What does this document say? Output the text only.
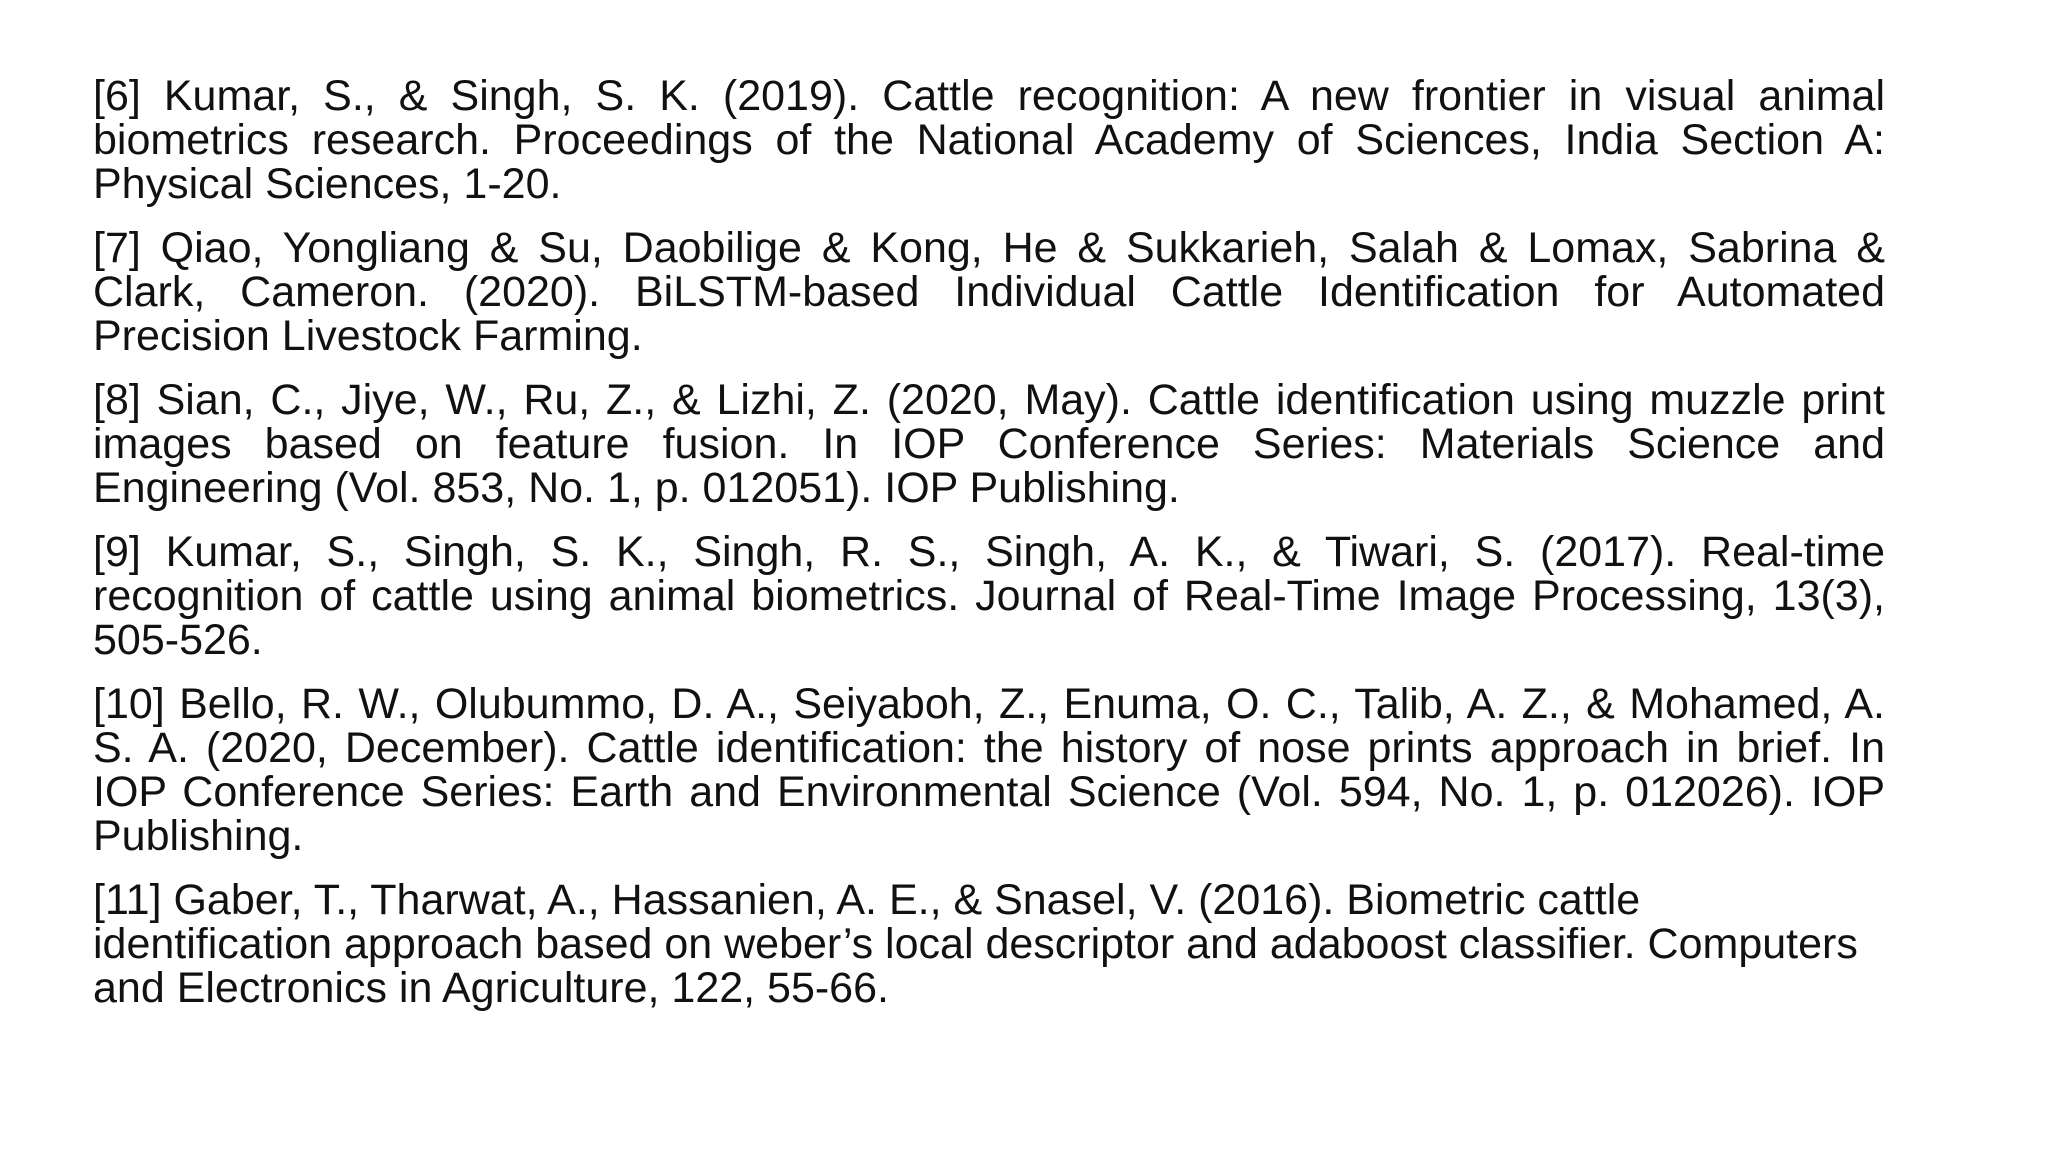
[6] Kumar, S., & Singh, S. K. (2019). Cattle recognition: A new frontier in visual animal biometrics research. Proceedings of the National Academy of Sciences, India Section A: Physical Sciences, 1-20.

[7] Qiao, Yongliang & Su, Daobilige & Kong, He & Sukkarieh, Salah & Lomax, Sabrina & Clark, Cameron. (2020). BiLSTM-based Individual Cattle Identification for Automated Precision Livestock Farming.

[8] Sian, C., Jiye, W., Ru, Z., & Lizhi, Z. (2020, May). Cattle identification using muzzle print images based on feature fusion. In IOP Conference Series: Materials Science and Engineering (Vol. 853, No. 1, p. 012051). IOP Publishing.

[9] Kumar, S., Singh, S. K., Singh, R. S., Singh, A. K., & Tiwari, S. (2017). Real-time recognition of cattle using animal biometrics. Journal of Real-Time Image Processing, 13(3), 505-526.

[10] Bello, R. W., Olubummo, D. A., Seiyaboh, Z., Enuma, O. C., Talib, A. Z., & Mohamed, A. S. A. (2020, December). Cattle identification: the history of nose prints approach in brief. In IOP Conference Series: Earth and Environmental Science (Vol. 594, No. 1, p. 012026). IOP Publishing.

[11] Gaber, T., Tharwat, A., Hassanien, A. E., & Snasel, V. (2016). Biometric cattle identification approach based on weber’s local descriptor and adaboost classifier. Computers and Electronics in Agriculture, 122, 55-66.
